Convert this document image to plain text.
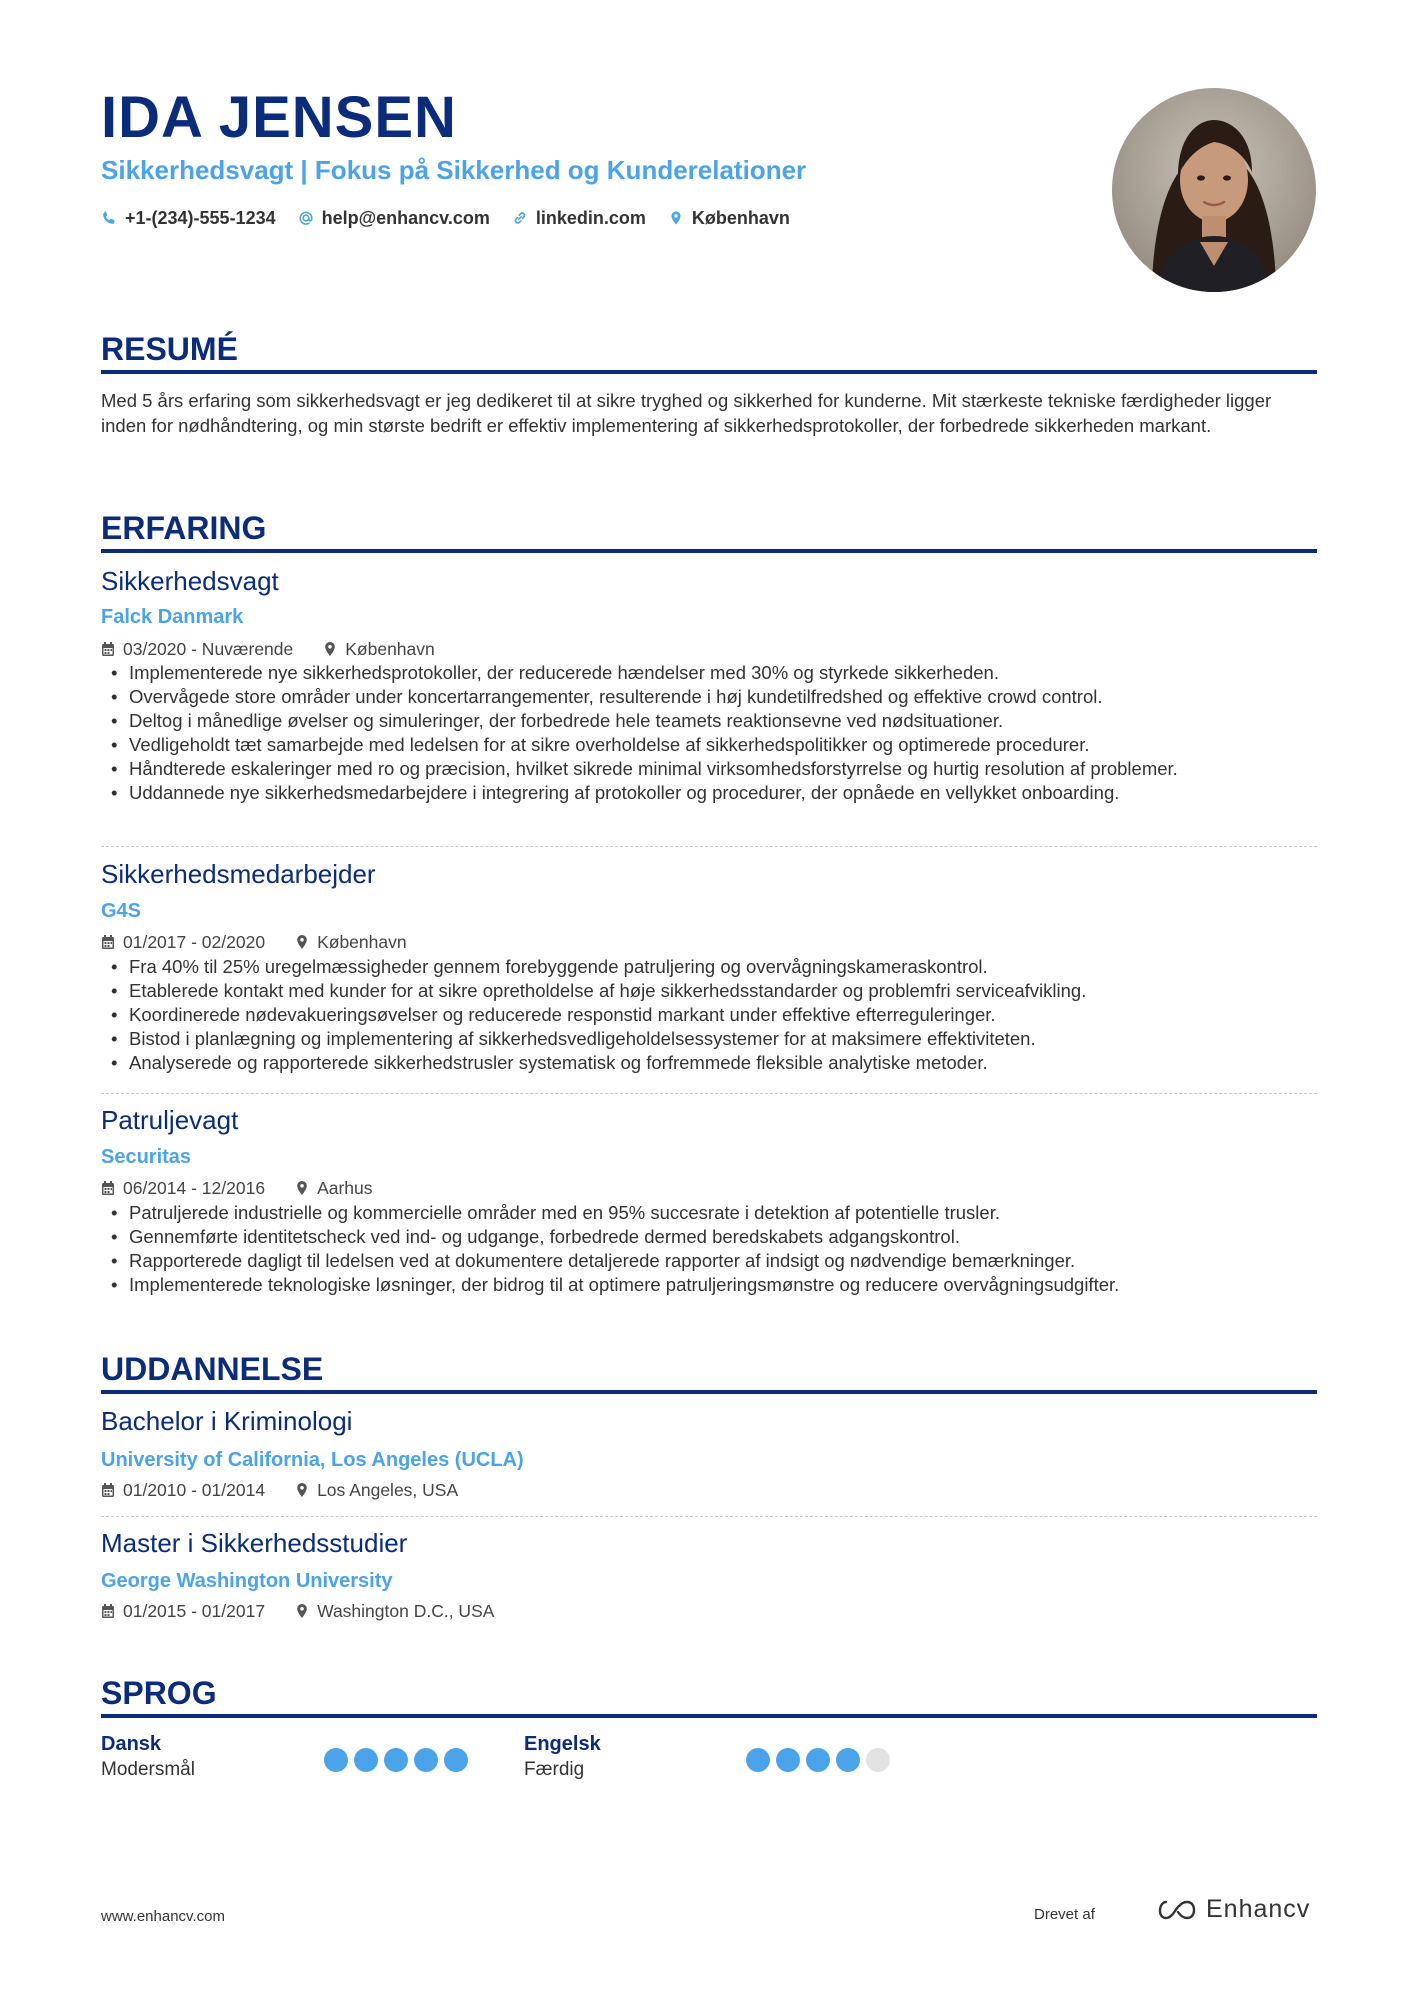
IDA JENSEN
Sikkerhedsvagt | Fokus på Sikkerhed og Kunderelationer
+1-(234)-555-1234	help@enhancv.com	linkedin.com	København
RESUMÉ
Med 5 års erfaring som sikkerhedsvagt er jeg dedikeret til at sikre tryghed og sikkerhed for kunderne. Mit stærkeste tekniske færdigheder ligger inden for nødhåndtering, og min største bedrift er effektiv implementering af sikkerhedsprotokoller, der forbedrede sikkerheden markant.
ERFARING
Sikkerhedsvagt
Falck Danmark
03/2020 - Nuværende	København
• Implementerede nye sikkerhedsprotokoller, der reducerede hændelser med 30% og styrkede sikkerheden.
• Overvågede store områder under koncertarrangementer, resulterende i høj kundetilfredshed og effektive crowd control.
• Deltog i månedlige øvelser og simuleringer, der forbedrede hele teamets reaktionsevne ved nødsituationer.
• Vedligeholdt tæt samarbejde med ledelsen for at sikre overholdelse af sikkerhedspolitikker og optimerede procedurer.
• Håndterede eskaleringer med ro og præcision, hvilket sikrede minimal virksomhedsforstyrrelse og hurtig resolution af problemer.
• Uddannede nye sikkerhedsmedarbejdere i integrering af protokoller og procedurer, der opnåede en vellykket onboarding.
Sikkerhedsmedarbejder
G4S
01/2017 - 02/2020	København
• Fra 40% til 25% uregelmæssigheder gennem forebyggende patruljering og overvågningskameraskontrol.
• Etablerede kontakt med kunder for at sikre opretholdelse af høje sikkerhedsstandarder og problemfri serviceafvikling.
• Koordinerede nødevakueringsøvelser og reducerede responstid markant under effektive efterreguleringer.
• Bistod i planlægning og implementering af sikkerhedsvedligeholdelsessystemer for at maksimere effektiviteten.
• Analyserede og rapporterede sikkerhedstrusler systematisk og forfremmede fleksible analytiske metoder.
Patruljevagt
Securitas
06/2014 - 12/2016	Aarhus
• Patruljerede industrielle og kommercielle områder med en 95% succesrate i detektion af potentielle trusler.
• Gennemførte identitetscheck ved ind- og udgange, forbedrede dermed beredskabets adgangskontrol.
• Rapporterede dagligt til ledelsen ved at dokumentere detaljerede rapporter af indsigt og nødvendige bemærkninger.
• Implementerede teknologiske løsninger, der bidrog til at optimere patruljeringsmønstre og reducere overvågningsudgifter.
UDDANNELSE
Bachelor i Kriminologi
University of California, Los Angeles (UCLA)
01/2010 - 01/2014	Los Angeles, USA
Master i Sikkerhedsstudier
George Washington University
01/2015 - 01/2017	Washington D.C., USA
SPROG
Dansk
Modersmål
Engelsk
Færdig
www.enhancv.com	Drevet af	Enhancv
